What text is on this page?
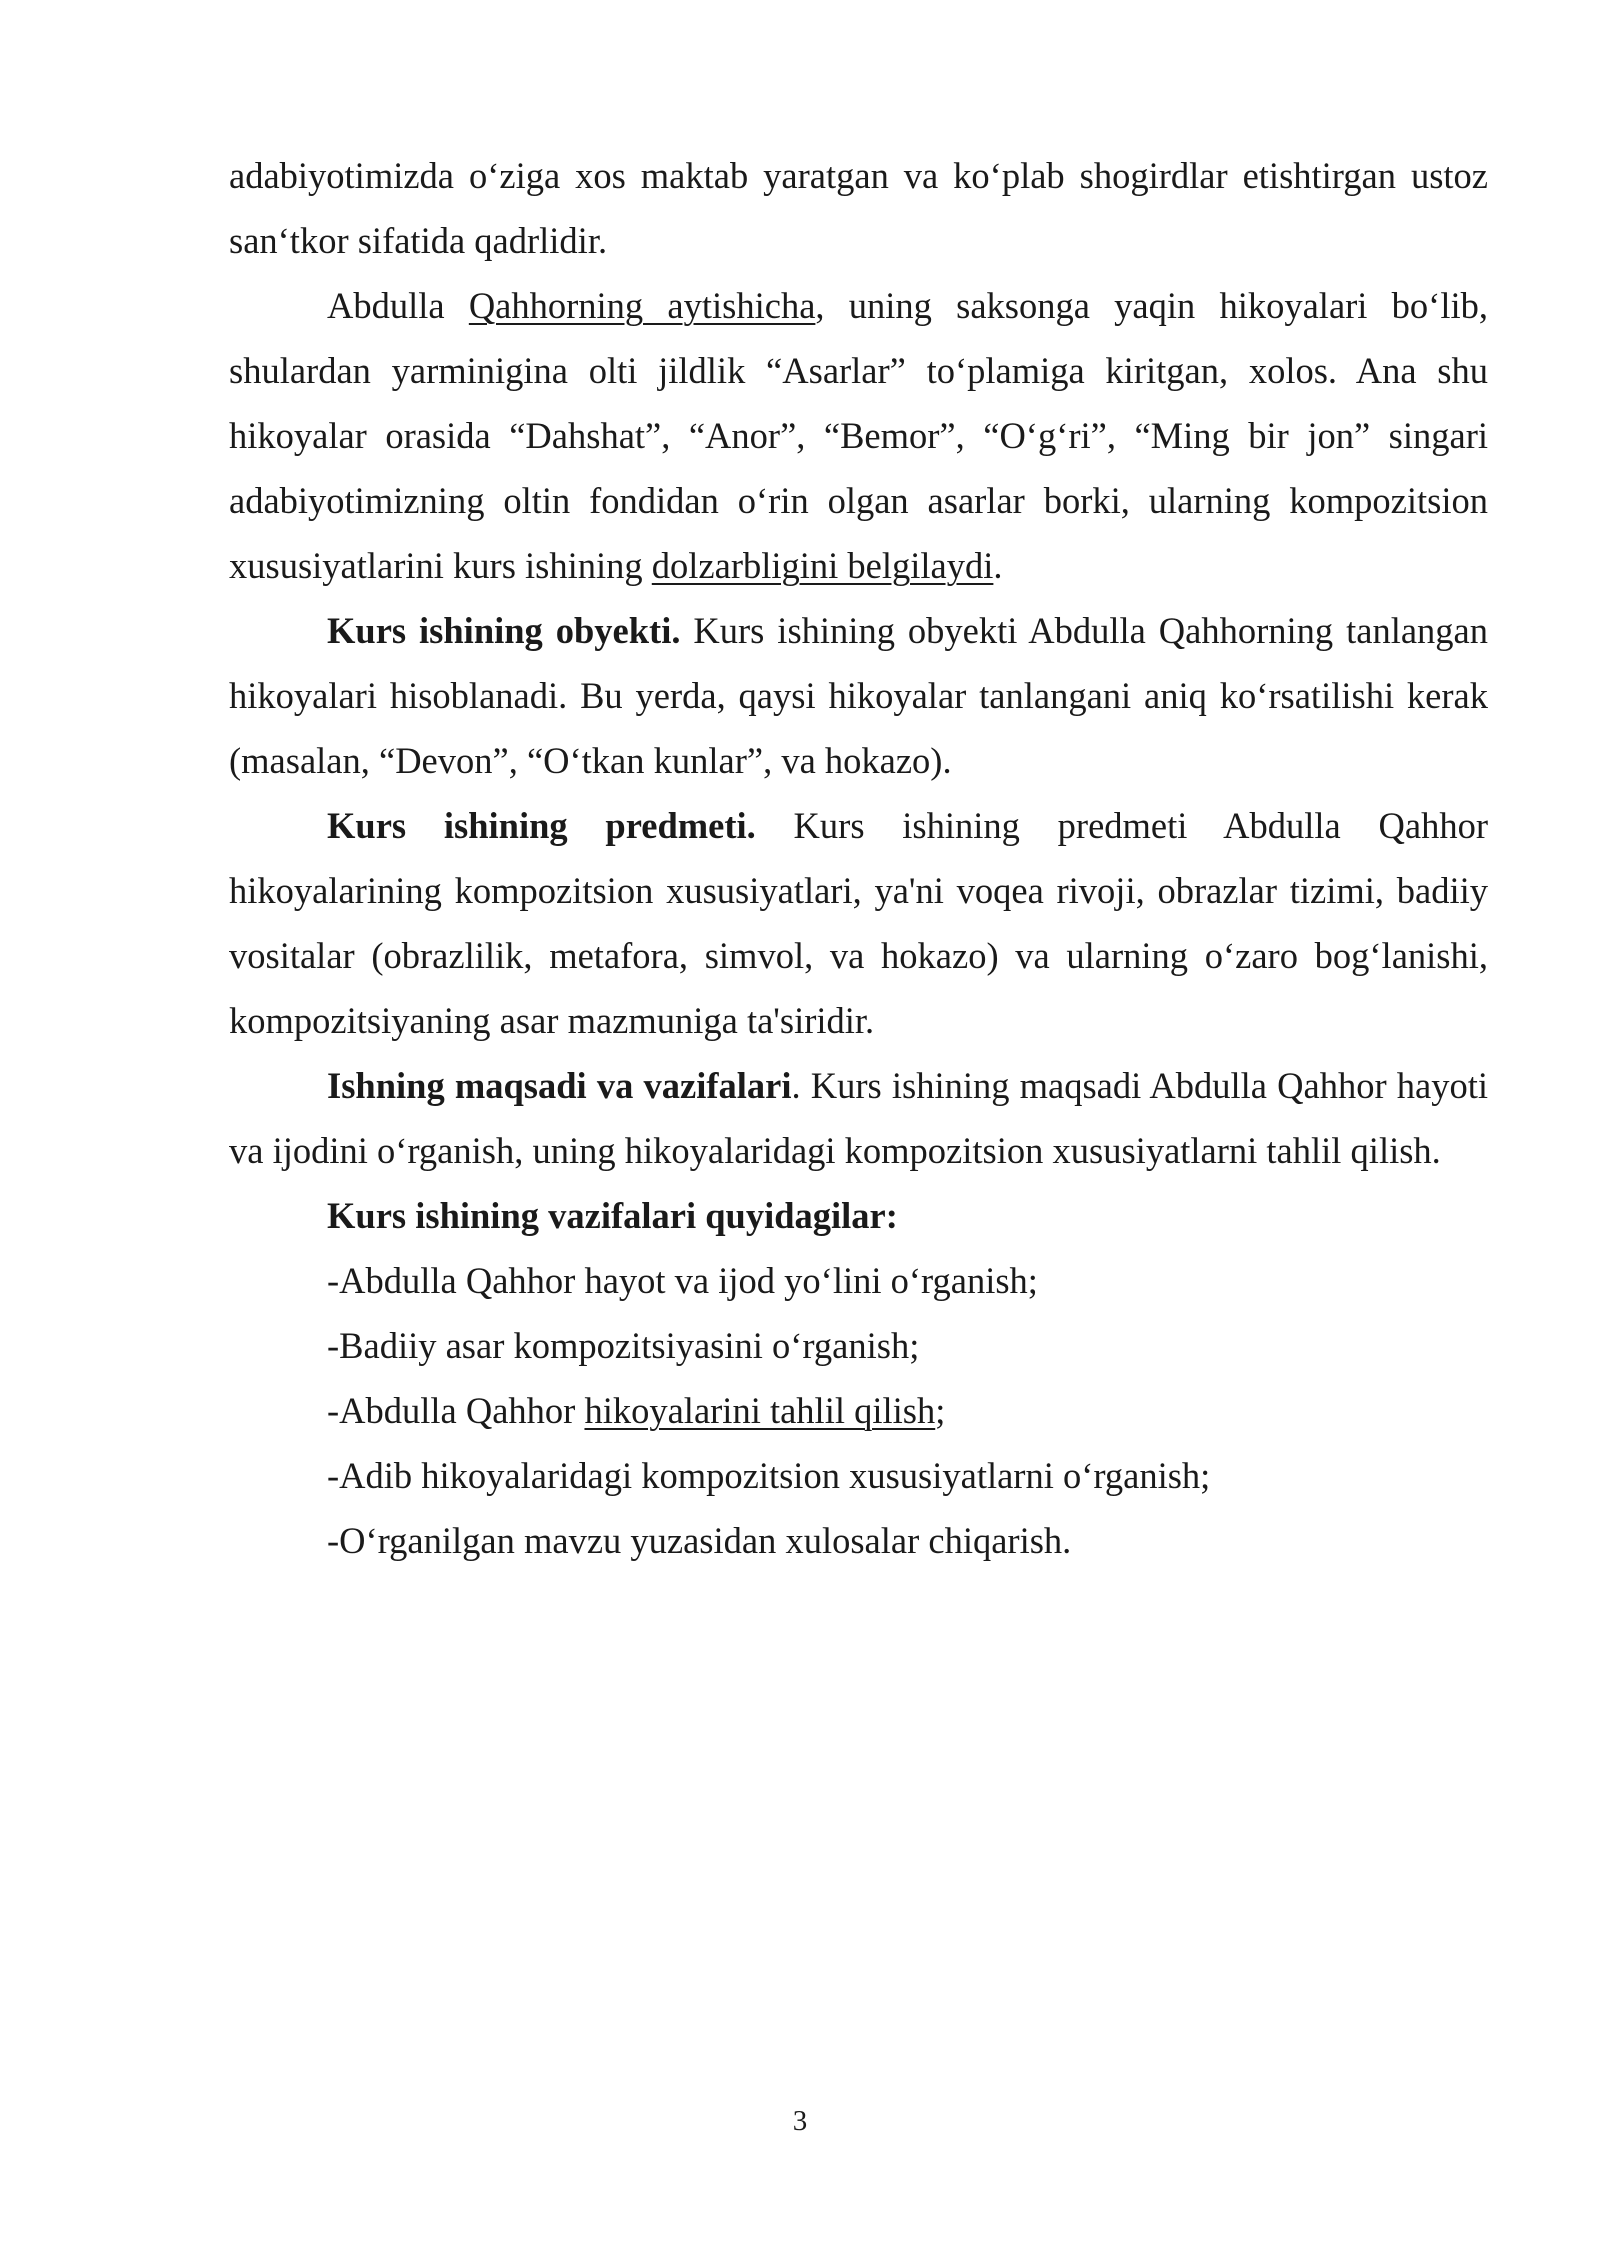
adabiyotimizda o‘ziga xos maktab yaratgan va ko‘plab shogirdlar etishtirgan ustoz san‘tkor sifatida qadrlidir.

Abdulla Qahhorning aytishicha, uning saksonga yaqin hikoyalari bo‘lib, shulardan yarminigina olti jildlik “Asarlar” to‘plamiga kiritgan, xolos. Ana shu hikoyalar orasida “Dahshat”, “Anor”, “Bemor”, “O‘g‘ri”, “Ming bir jon” singari adabiyotimizning oltin fondidan o‘rin olgan asarlar borki, ularning kompozitsion xususiyatlarini kurs ishining dolzarbligini belgilaydi.

Kurs ishining obyekti. Kurs ishining obyekti Abdulla Qahhorning tanlangan hikoyalari hisoblanadi. Bu yerda, qaysi hikoyalar tanlangani aniq ko‘rsatilishi kerak (masalan, “Devon”, “O‘tkan kunlar”, va hokazo).

Kurs ishining predmeti. Kurs ishining predmeti Abdulla Qahhor hikoyalarining kompozitsion xususiyatlari, ya'ni voqea rivoji, obrazlar tizimi, badiiy vositalar (obrazlilik, metafora, simvol, va hokazo) va ularning o‘zaro bog‘lanishi, kompozitsiyaning asar mazmuniga ta'siridir.

Ishning maqsadi va vazifalari. Kurs ishining maqsadi Abdulla Qahhor hayoti va ijodini o‘rganish, uning hikoyalaridagi kompozitsion xususiyatlarni tahlil qilish.

Kurs ishining vazifalari quyidagilar:

-Abdulla Qahhor hayot va ijod yo‘lini o‘rganish;

-Badiiy asar kompozitsiyasini o‘rganish;

-Abdulla Qahhor hikoyalarini tahlil qilish;

-Adib hikoyalaridagi kompozitsion xususiyatlarni o‘rganish;

-O‘rganilgan mavzu yuzasidan xulosalar chiqarish.

3
